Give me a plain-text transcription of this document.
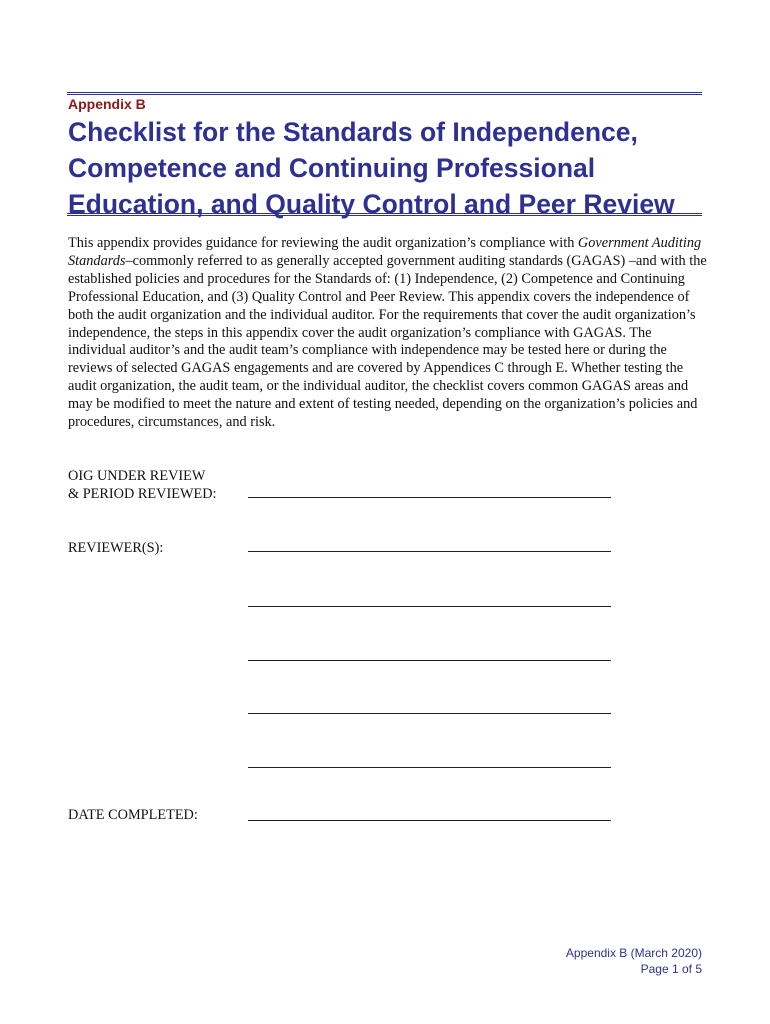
Appendix B

Checklist for the Standards of Independence, Competence and Continuing Professional Education, and Quality Control and Peer Review

This appendix provides guidance for reviewing the audit organization’s compliance with Government Auditing Standards–commonly referred to as generally accepted government auditing standards (GAGAS) –and with the established policies and procedures for the Standards of: (1) Independence, (2) Competence and Continuing Professional Education, and (3) Quality Control and Peer Review. This appendix covers the independence of both the audit organization and the individual auditor. For the requirements that cover the audit organization’s independence, the steps in this appendix cover the audit organization’s compliance with GAGAS. The individual auditor’s and the audit team’s compliance with independence may be tested here or during the reviews of selected GAGAS engagements and are covered by Appendices C through E. Whether testing the audit organization, the audit team, or the individual auditor, the checklist covers common GAGAS areas and may be modified to meet the nature and extent of testing needed, depending on the organization’s policies and procedures, circumstances, and risk.

OIG UNDER REVIEW
& PERIOD REVIEWED:

REVIEWER(S):

DATE COMPLETED:

Appendix B (March 2020)
Page 1 of 5
